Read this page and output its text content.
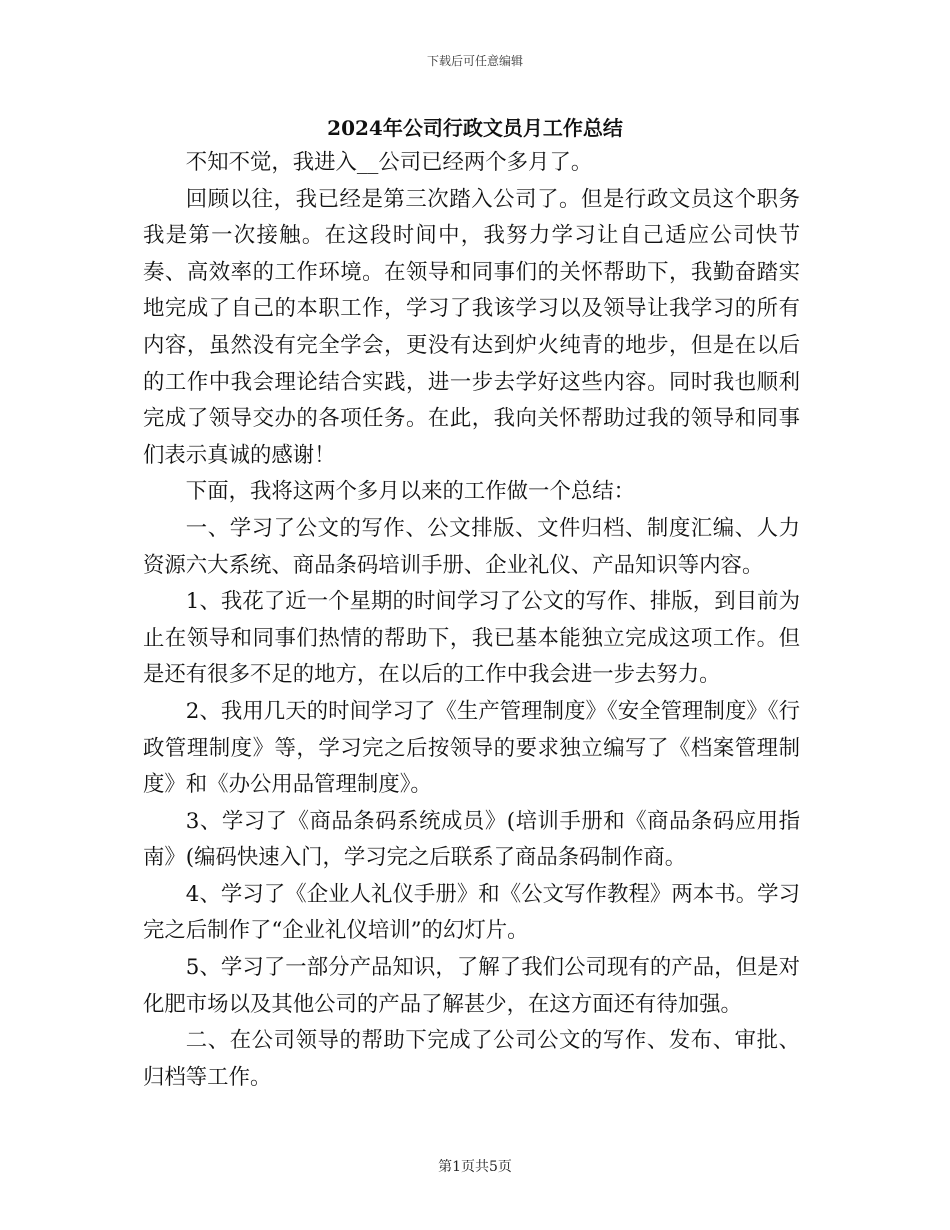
下载后可任意编辑
2024年公司行政文员月工作总结

不知不觉，我进入__公司已经两个多月了。

回顾以往，我已经是第三次踏入公司了。但是行政文员这个职务我是第一次接触。在这段时间中，我努力学习让自己适应公司快节奏、高效率的工作环境。在领导和同事们的关怀帮助下，我勤奋踏实地完成了自己的本职工作，学习了我该学习以及领导让我学习的所有内容，虽然没有完全学会，更没有达到炉火纯青的地步，但是在以后的工作中我会理论结合实践，进一步去学好这些内容。同时我也顺利完成了领导交办的各项任务。在此，我向关怀帮助过我的领导和同事们表示真诚的感谢！

下面，我将这两个多月以来的工作做一个总结：

一、学习了公文的写作、公文排版、文件归档、制度汇编、人力资源六大系统、商品条码培训手册、企业礼仪、产品知识等内容。

1、我花了近一个星期的时间学习了公文的写作、排版，到目前为止在领导和同事们热情的帮助下，我已基本能独立完成这项工作。但是还有很多不足的地方，在以后的工作中我会进一步去努力。

2、我用几天的时间学习了《生产管理制度》《安全管理制度》《行政管理制度》等，学习完之后按领导的要求独立编写了《档案管理制度》和《办公用品管理制度》。

3、学习了《商品条码系统成员》(培训手册和《商品条码应用指南》(编码快速入门，学习完之后联系了商品条码制作商。

4、学习了《企业人礼仪手册》和《公文写作教程》两本书。学习完之后制作了“企业礼仪培训”的幻灯片。

5、学习了一部分产品知识，了解了我们公司现有的产品，但是对化肥市场以及其他公司的产品了解甚少，在这方面还有待加强。

二、在公司领导的帮助下完成了公司公文的写作、发布、审批、归档等工作。

第1页共5页
